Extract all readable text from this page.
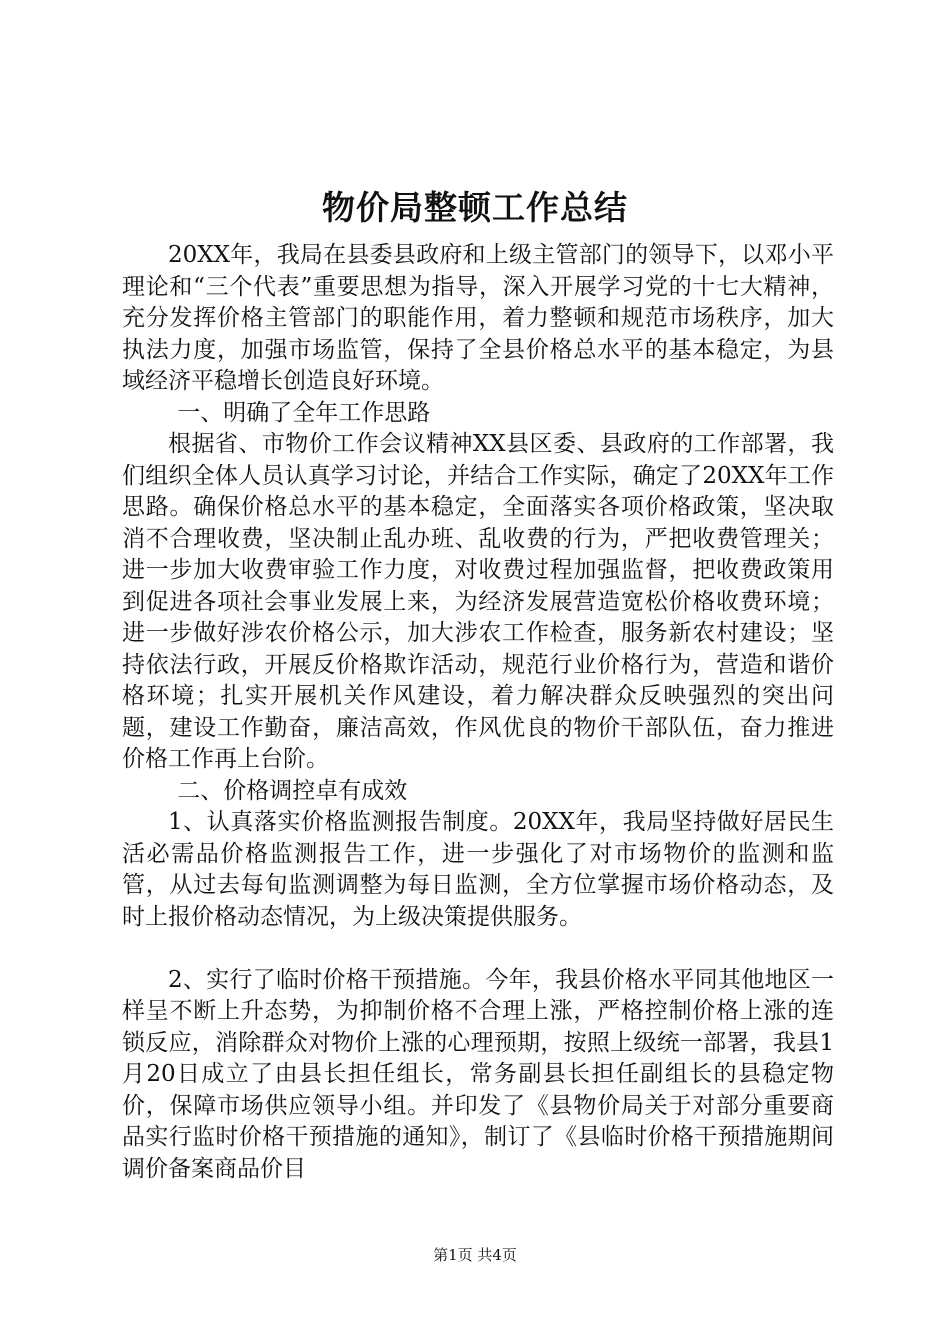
物价局整顿工作总结

20XX年，我局在县委县政府和上级主管部门的领导下，以邓小平理论和“三个代表”重要思想为指导，深入开展学习党的十七大精神，充分发挥价格主管部门的职能作用，着力整顿和规范市场秩序，加大执法力度，加强市场监管，保持了全县价格总水平的基本稳定，为县域经济平稳增长创造良好环境。

一、明确了全年工作思路

根据省、市物价工作会议精神XX县区委、县政府的工作部署，我们组织全体人员认真学习讨论，并结合工作实际，确定了20XX年工作思路。确保价格总水平的基本稳定，全面落实各项价格政策，坚决取消不合理收费，坚决制止乱办班、乱收费的行为，严把收费管理关；进一步加大收费审验工作力度，对收费过程加强监督，把收费政策用到促进各项社会事业发展上来，为经济发展营造宽松价格收费环境；进一步做好涉农价格公示，加大涉农工作检查，服务新农村建设；坚持依法行政，开展反价格欺诈活动，规范行业价格行为，营造和谐价格环境；扎实开展机关作风建设，着力解决群众反映强烈的突出问题，建设工作勤奋，廉洁高效，作风优良的物价干部队伍，奋力推进价格工作再上台阶。

二、价格调控卓有成效

1、认真落实价格监测报告制度。20XX年，我局坚持做好居民生活必需品价格监测报告工作，进一步强化了对市场物价的监测和监管，从过去每旬监测调整为每日监测，全方位掌握市场价格动态，及时上报价格动态情况，为上级决策提供服务。

2、实行了临时价格干预措施。今年，我县价格水平同其他地区一样呈不断上升态势，为抑制价格不合理上涨，严格控制价格上涨的连锁反应，消除群众对物价上涨的心理预期，按照上级统一部署，我县1月20日成立了由县长担任组长，常务副县长担任副组长的县稳定物价，保障市场供应领导小组。并印发了《县物价局关于对部分重要商品实行监时价格干预措施的通知》，制订了《县临时价格干预措施期间调价备案商品价目

第1页 共4页
